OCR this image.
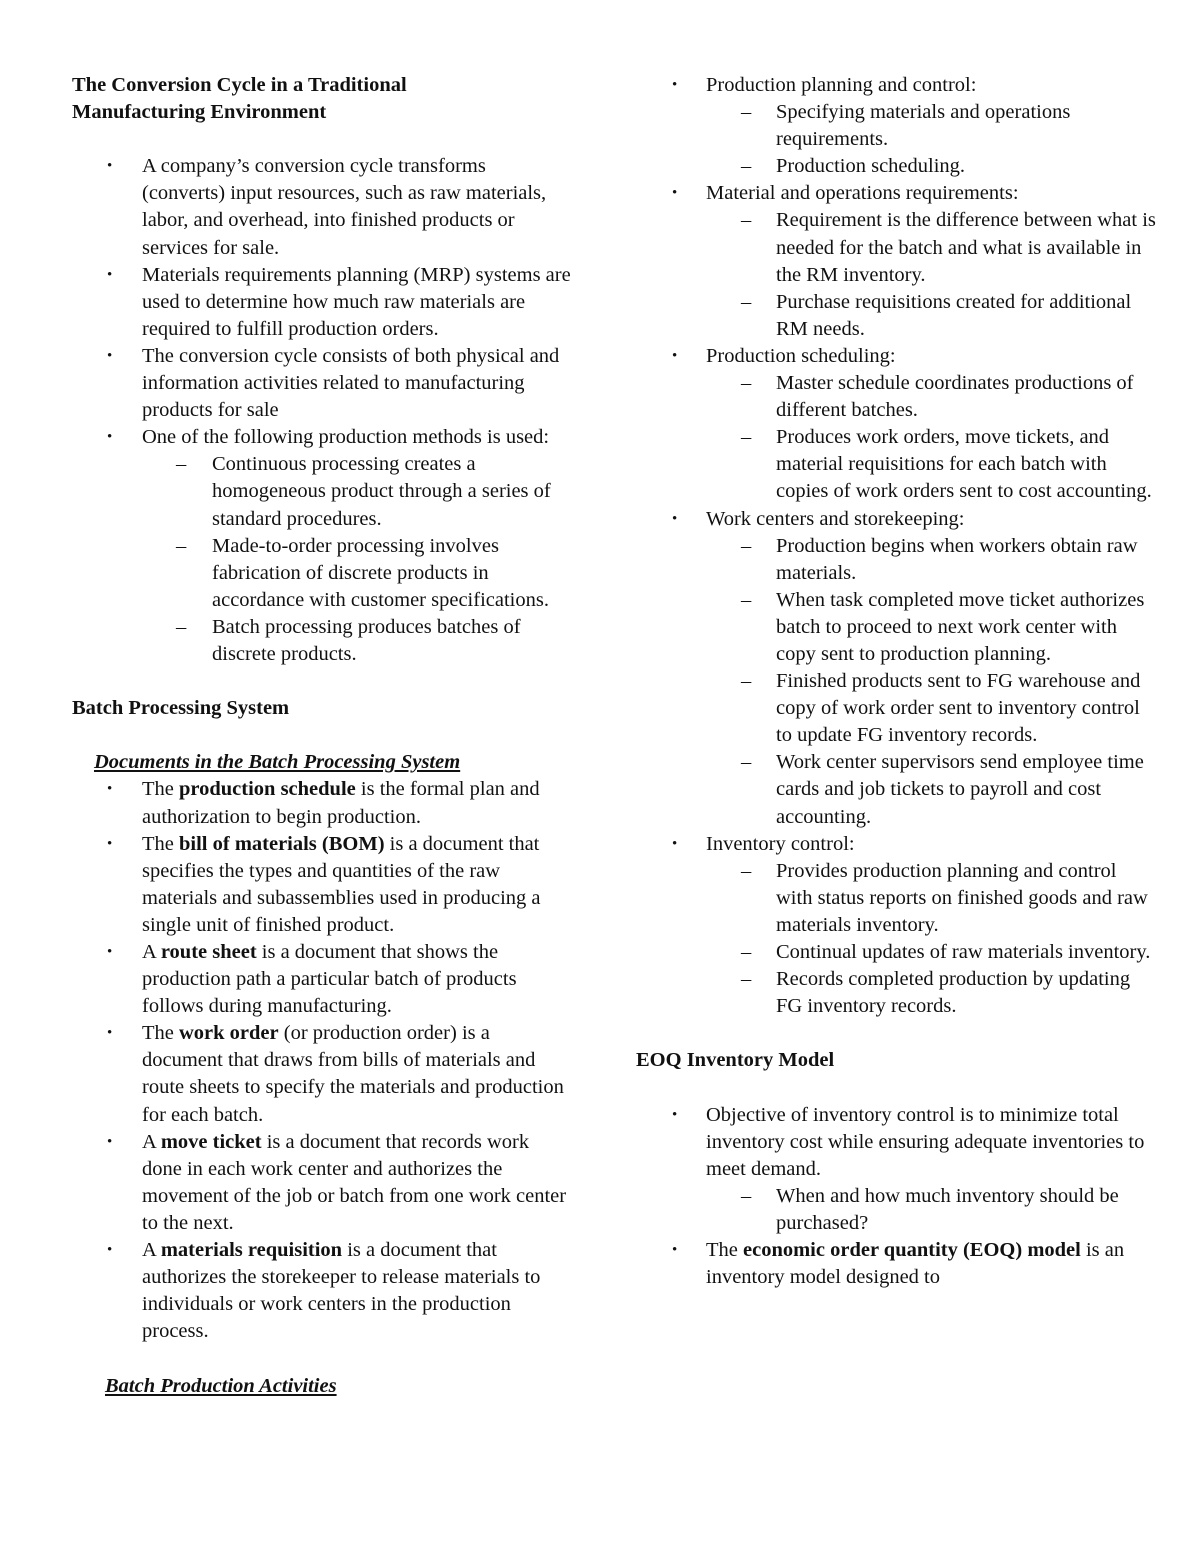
The Conversion Cycle in a Traditional Manufacturing Environment

• A company’s conversion cycle transforms (converts) input resources, such as raw materials, labor, and overhead, into finished products or services for sale.
• Materials requirements planning (MRP) systems are used to determine how much raw materials are required to fulfill production orders.
• The conversion cycle consists of both physical and information activities related to manufacturing products for sale
• One of the following production methods is used:
– Continuous processing creates a homogeneous product through a series of standard procedures.
– Made-to-order processing involves fabrication of discrete products in accordance with customer specifications.
– Batch processing produces batches of discrete products.

Batch Processing System

Documents in the Batch Processing System

• The production schedule is the formal plan and authorization to begin production.
• The bill of materials (BOM) is a document that specifies the types and quantities of the raw materials and subassemblies used in producing a single unit of finished product.
• A route sheet is a document that shows the production path a particular batch of products follows during manufacturing.
• The work order (or production order) is a document that draws from bills of materials and route sheets to specify the materials and production for each batch.
• A move ticket is a document that records work done in each work center and authorizes the movement of the job or batch from one work center to the next.
• A materials requisition is a document that authorizes the storekeeper to release materials to individuals or work centers in the production process.

Batch Production Activities

• Production planning and control:
– Specifying materials and operations requirements.
– Production scheduling.
• Material and operations requirements:
– Requirement is the difference between what is needed for the batch and what is available in the RM inventory.
– Purchase requisitions created for additional RM needs.
• Production scheduling:
– Master schedule coordinates productions of different batches.
– Produces work orders, move tickets, and material requisitions for each batch with copies of work orders sent to cost accounting.
• Work centers and storekeeping:
– Production begins when workers obtain raw materials.
– When task completed move ticket authorizes batch to proceed to next work center with copy sent to production planning.
– Finished products sent to FG warehouse and copy of work order sent to inventory control to update FG inventory records.
– Work center supervisors send employee time cards and job tickets to payroll and cost accounting.
• Inventory control:
– Provides production planning and control with status reports on finished goods and raw materials inventory.
– Continual updates of raw materials inventory.
– Records completed production by updating FG inventory records.

EOQ Inventory Model

• Objective of inventory control is to minimize total inventory cost while ensuring adequate inventories to meet demand.
– When and how much inventory should be purchased?
• The economic order quantity (EOQ) model is an inventory model designed to
